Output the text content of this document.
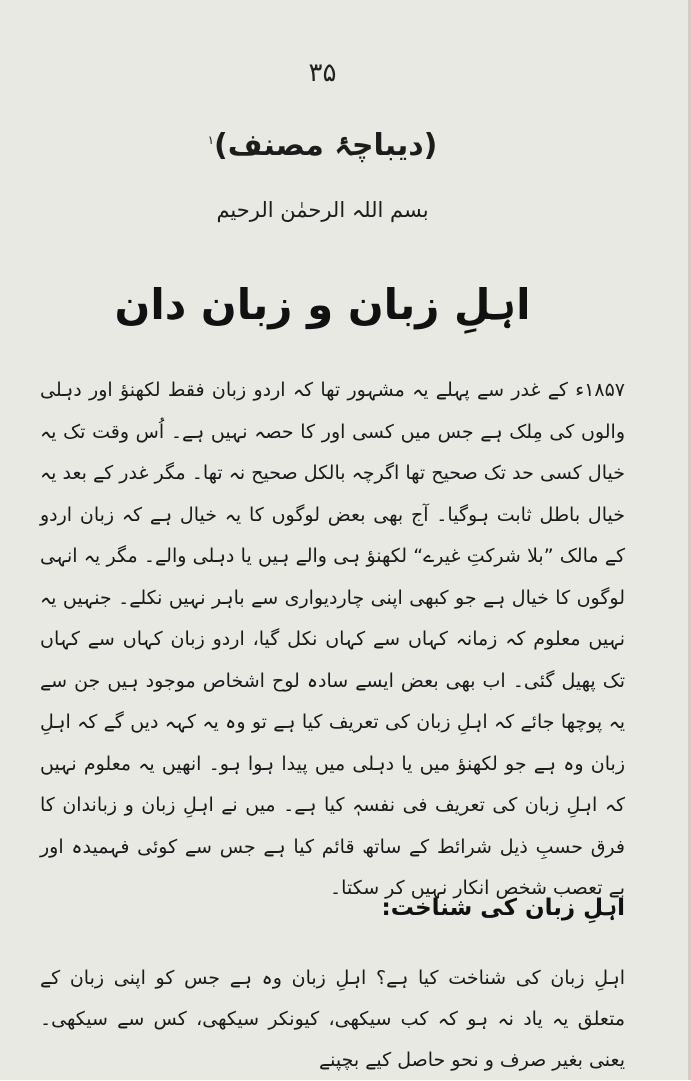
۳۵
(دیباچۂ مصنف)$^۱$
بسم اللہ الرحمٰن الرحیم
اہلِ زبان و زبان دان

۱۸۵۷ء کے غدر سے پہلے یہ مشہور تھا کہ اردو زبان فقط لکھنؤ اور دہلی والوں کی مِلک ہے جس میں کسی اور کا حصہ نہیں ہے۔ اُس وقت تک یہ خیال کسی حد تک صحیح تھا اگرچہ بالکل صحیح نہ تھا۔ مگر غدر کے بعد یہ خیال باطل ثابت ہوگیا۔ آج بھی بعض لوگوں کا یہ خیال ہے کہ زبان اردو کے مالک ”بلا شرکتِ غیرے“ لکھنؤ ہی والے ہیں یا دہلی والے۔ مگر یہ انہی لوگوں کا خیال ہے جو کبھی اپنی چاردیواری سے باہر نہیں نکلے۔ جنہیں یہ نہیں معلوم کہ زمانہ کہاں سے کہاں نکل گیا، اردو زبان کہاں سے کہاں تک پھیل گئی۔ اب بھی بعض ایسے سادہ لوح اشخاص موجود ہیں جن سے یہ پوچھا جائے کہ اہلِ زبان کی تعریف کیا ہے تو وہ یہ کہہ دیں گے کہ اہلِ زبان وہ ہے جو لکھنؤ میں یا دہلی میں پیدا ہوا ہو۔ انھیں یہ معلوم نہیں کہ اہلِ زبان کی تعریف فی نفسہٖ کیا ہے۔ میں نے اہلِ زبان و زباندان کا فرق حسبِ ذیل شرائط کے ساتھ قائم کیا ہے جس سے کوئی فہمیدہ اور بے تعصب شخص انکار نہیں کر سکتا۔

اہلِ زبان کی شناخت:

اہلِ زبان کی شناخت کیا ہے؟ اہلِ زبان وہ ہے جس کو اپنی زبان کے متعلق یہ یاد نہ ہو کہ کب سیکھی، کیونکر سیکھی، کس سے سیکھی۔ یعنی بغیر صرف و نحو حاصل کیے بچپنے
